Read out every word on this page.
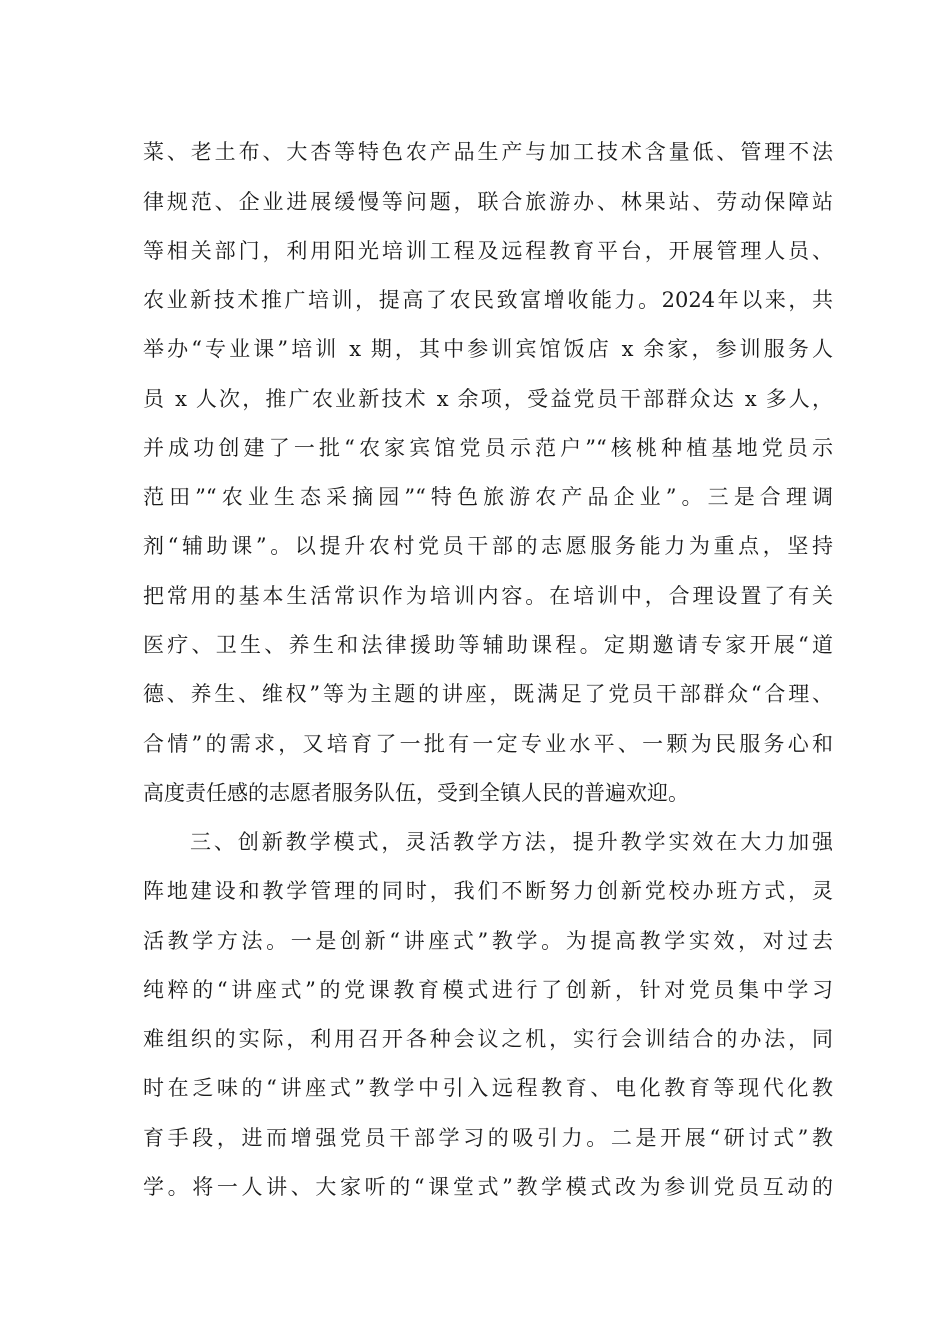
菜、老土布、大杏等特色农产品生产与加工技术含量低、管理不法
律规范、企业进展缓慢等问题，联合旅游办、林果站、劳动保障站
等相关部门，利用阳光培训工程及远程教育平台，开展管理人员、
农业新技术推广培训，提高了农民致富增收能力。2024年以来，共
举办“专业课”培训 x 期，其中参训宾馆饭店 x 余家，参训服务人
员 x 人次，推广农业新技术 x 余项，受益党员干部群众达 x 多人，
并成功创建了一批“农家宾馆党员示范户”“核桃种植基地党员示
范田”“农业生态采摘园”“特色旅游农产品企业”。三是合理调
剂“辅助课”。以提升农村党员干部的志愿服务能力为重点，坚持
把常用的基本生活常识作为培训内容。在培训中，合理设置了有关
医疗、卫生、养生和法律援助等辅助课程。定期邀请专家开展“道
德、养生、维权”等为主题的讲座，既满足了党员干部群众“合理、
合情”的需求，又培育了一批有一定专业水平、一颗为民服务心和
高度责任感的志愿者服务队伍，受到全镇人民的普遍欢迎。
三、创新教学模式，灵活教学方法，提升教学实效在大力加强
阵地建设和教学管理的同时，我们不断努力创新党校办班方式，灵
活教学方法。一是创新“讲座式”教学。为提高教学实效，对过去
纯粹的“讲座式”的党课教育模式进行了创新，针对党员集中学习
难组织的实际，利用召开各种会议之机，实行会训结合的办法，同
时在乏味的“讲座式”教学中引入远程教育、电化教育等现代化教
育手段，进而增强党员干部学习的吸引力。二是开展“研讨式”教
学。将一人讲、大家听的“课堂式”教学模式改为参训党员互动的
